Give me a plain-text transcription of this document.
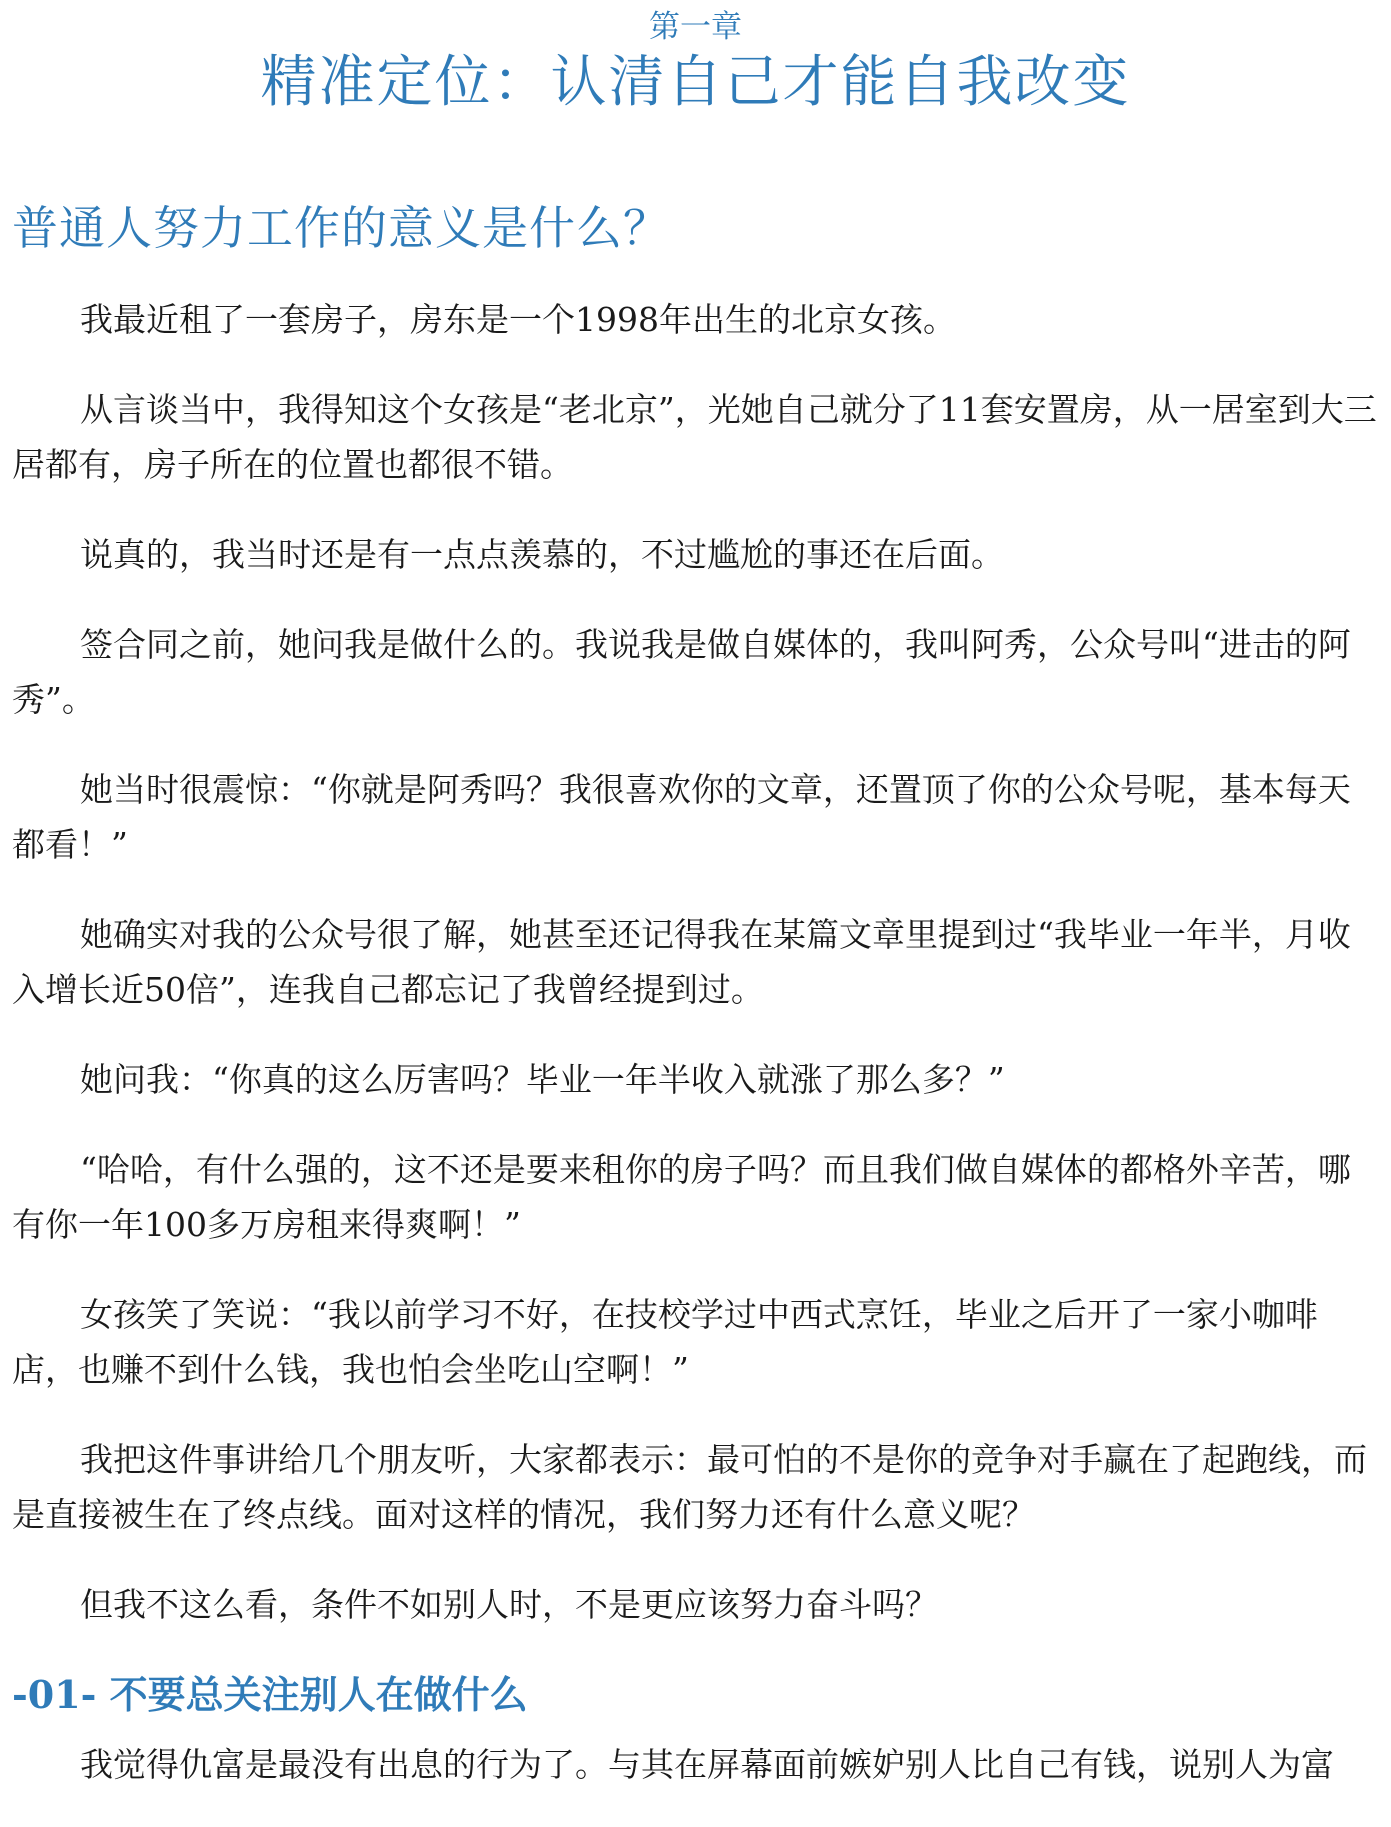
第一章
精准定位：认清自己才能自我改变
普通人努力工作的意义是什么？

我最近租了一套房子，房东是一个1998年出生的北京女孩。

从言谈当中，我得知这个女孩是“老北京”，光她自己就分了11套安置房，从一居室到大三居都有，房子所在的位置也都很不错。

说真的，我当时还是有一点点羡慕的，不过尴尬的事还在后面。

签合同之前，她问我是做什么的。我说我是做自媒体的，我叫阿秀，公众号叫“进击的阿秀”。

她当时很震惊：“你就是阿秀吗？我很喜欢你的文章，还置顶了你的公众号呢，基本每天都看！”

她确实对我的公众号很了解，她甚至还记得我在某篇文章里提到过“我毕业一年半，月收入增长近50倍”，连我自己都忘记了我曾经提到过。

她问我：“你真的这么厉害吗？毕业一年半收入就涨了那么多？”

“哈哈，有什么强的，这不还是要来租你的房子吗？而且我们做自媒体的都格外辛苦，哪有你一年100多万房租来得爽啊！”

女孩笑了笑说：“我以前学习不好，在技校学过中西式烹饪，毕业之后开了一家小咖啡店，也赚不到什么钱，我也怕会坐吃山空啊！”

我把这件事讲给几个朋友听，大家都表示：最可怕的不是你的竞争对手赢在了起跑线，而是直接被生在了终点线。面对这样的情况，我们努力还有什么意义呢？

但我不这么看，条件不如别人时，不是更应该努力奋斗吗？

-01- 不要总关注别人在做什么

我觉得仇富是最没有出息的行为了。与其在屏幕面前嫉妒别人比自己有钱，说别人为富
